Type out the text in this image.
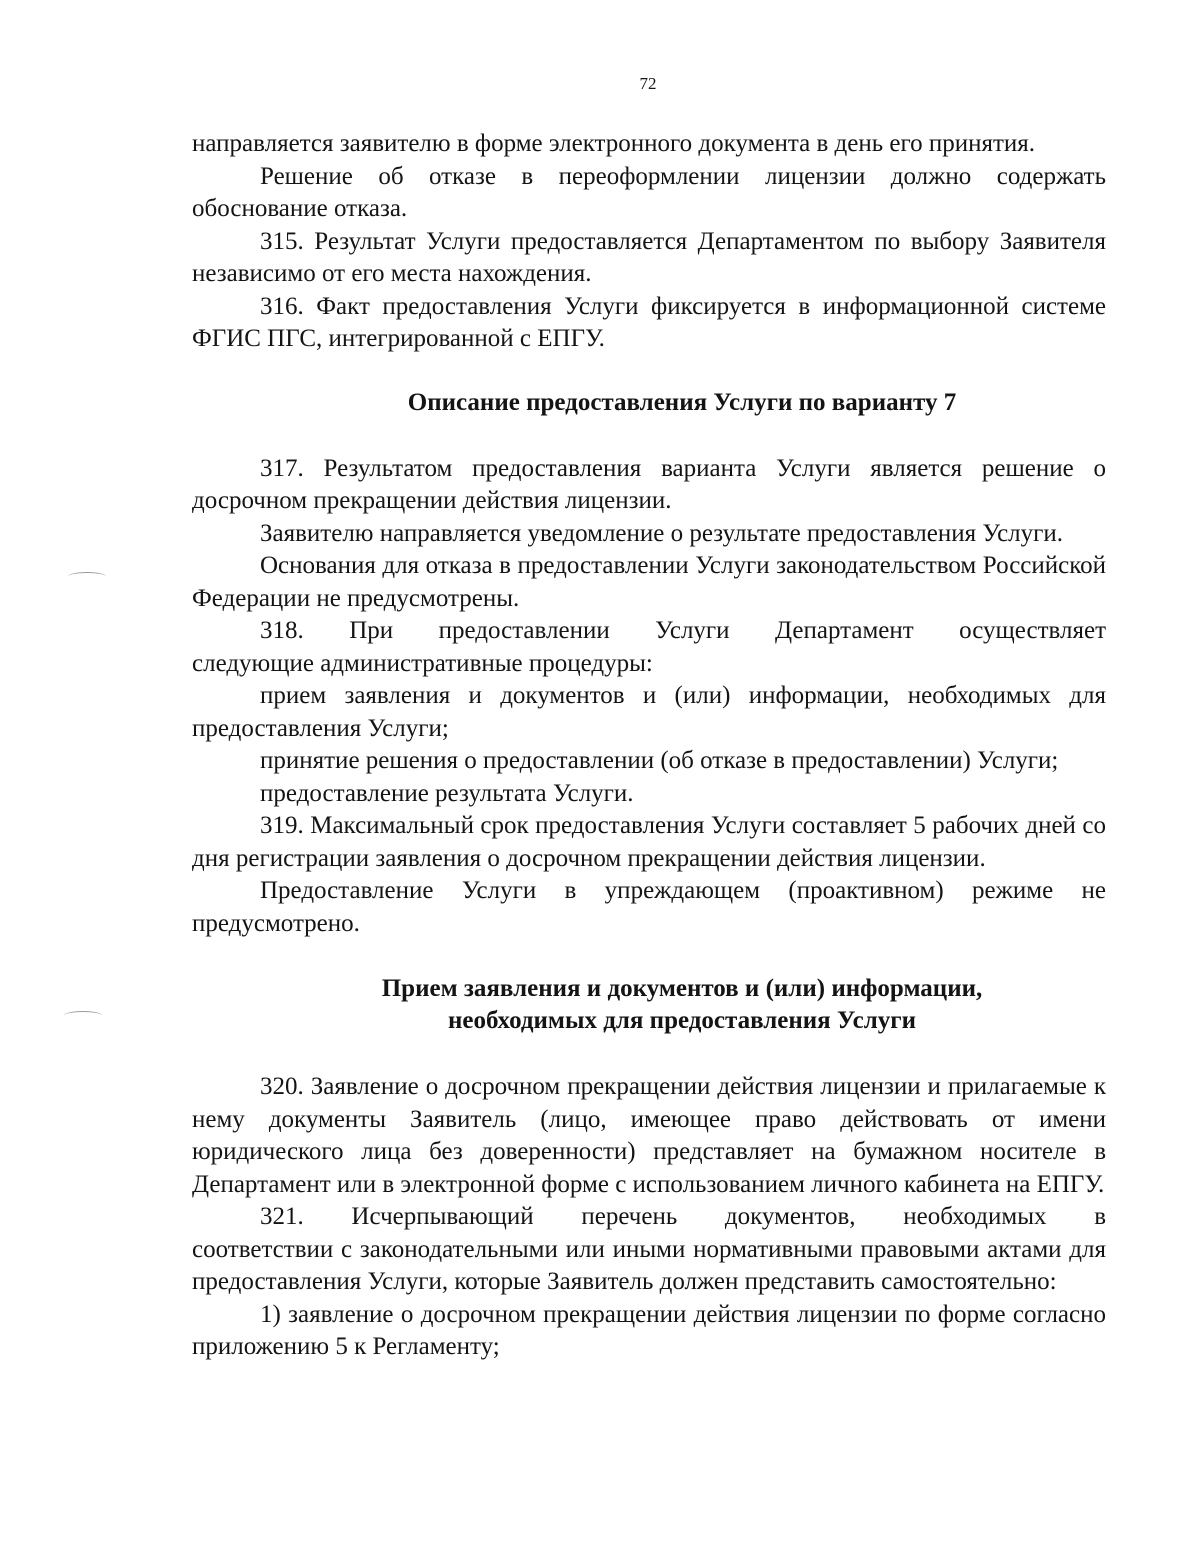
72

направляется заявителю в форме электронного документа в день его принятия.

Решение об отказе в переоформлении лицензии должно содержать обоснование отказа.

315. Результат Услуги предоставляется Департаментом по выбору Заявителя независимо от его места нахождения.

316. Факт предоставления Услуги фиксируется в информационной системе ФГИС ПГС, интегрированной с ЕПГУ.

Описание предоставления Услуги по варианту 7

317. Результатом предоставления варианта Услуги является решение о досрочном прекращении действия лицензии.

Заявителю направляется уведомление о результате предоставления Услуги.

Основания для отказа в предоставлении Услуги законодательством Российской Федерации не предусмотрены.

318. При предоставлении Услуги Департамент осуществляет

следующие административные процедуры:

прием заявления и документов и (или) информации, необходимых для предоставления Услуги;

принятие решения о предоставлении (об отказе в предоставлении) Услуги;

предоставление результата Услуги.

319. Максимальный срок предоставления Услуги составляет 5 рабочих дней со дня регистрации заявления о досрочном прекращении действия лицензии.

Предоставление Услуги в упреждающем (проактивном) режиме не предусмотрено.

Прием заявления и документов и (или) информации,
необходимых для предоставления Услуги

320. Заявление о досрочном прекращении действия лицензии и прилагаемые к нему документы Заявитель (лицо, имеющее право действовать от имени юридического лица без доверенности) представляет на бумажном носителе в Департамент или в электронной форме с использованием личного кабинета на ЕПГУ.

321. Исчерпывающий перечень документов, необходимых в

соответствии с законодательными или иными нормативными правовыми актами для предоставления Услуги, которые Заявитель должен представить самостоятельно:

1) заявление о досрочном прекращении действия лицензии по форме согласно приложению 5 к Регламенту;
